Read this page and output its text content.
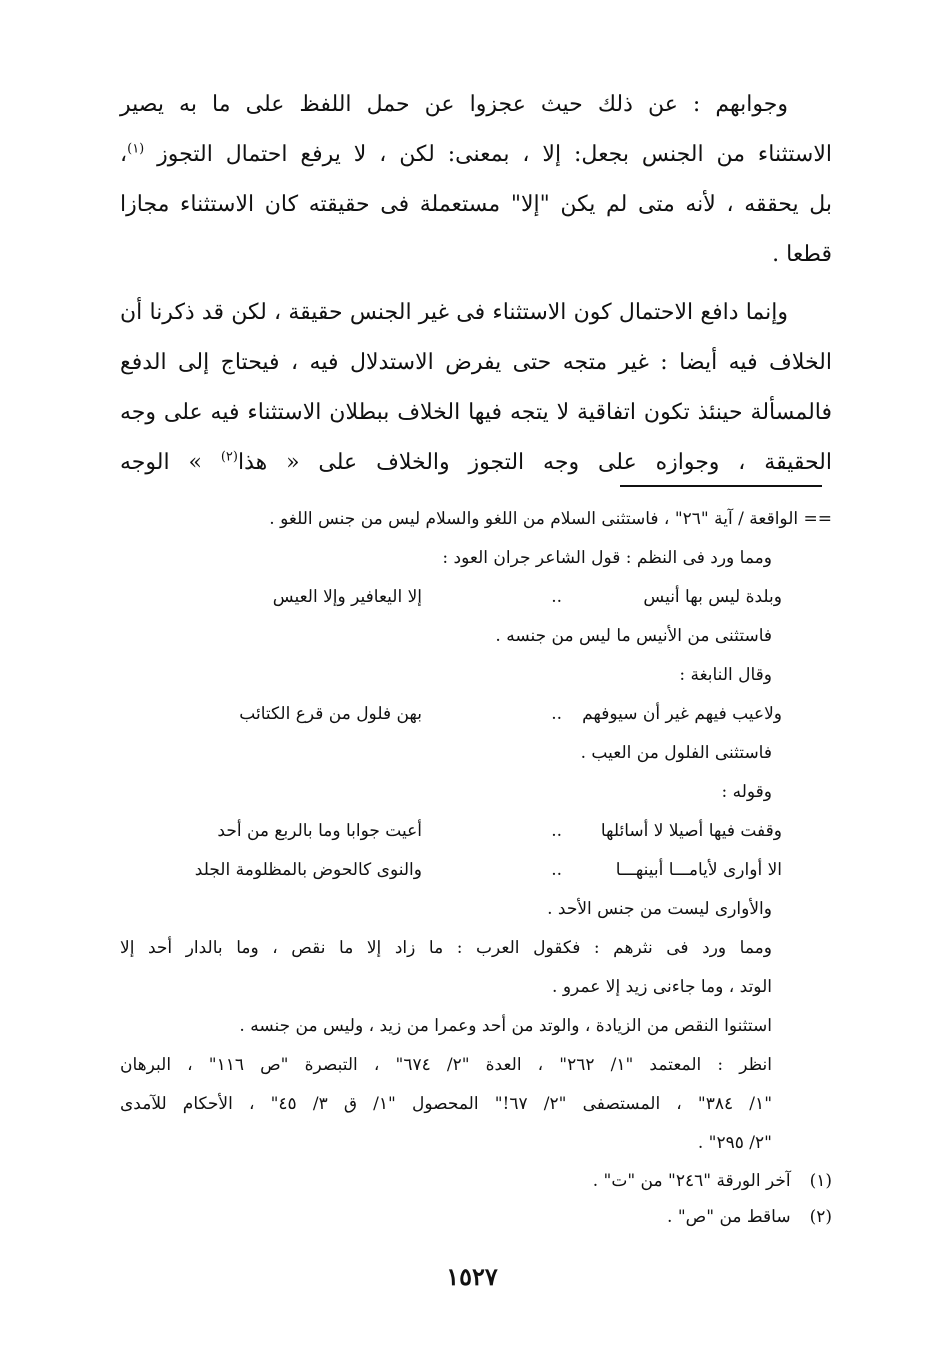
وجوابهم : عن ذلك حيث عجزوا عن حمل اللفظ على ما به يصير
الاستثناء من الجنس بجعل: إلا ، بمعنى: لكن ، لا يرفع احتمال التجوز $^{(١)}$،
بل يحققه ، لأنه متى لم يكن "إلا" مستعملة فى حقيقته كان الاستثناء مجازا
قطعا .

وإنما دافع الاحتمال كون الاستثناء فى غير الجنس حقيقة ، لكن قد ذكرنا أن
الخلاف فيه أيضا : غير متجه حتى يفرض الاستدلال فيه ، فيحتاج إلى الدفع
فالمسألة حينئذ تكون اتفاقية لا يتجه فيها الخلاف ببطلان الاستثناء فيه على وجه
الحقيقة ، وجوازه على وجه التجوز والخلاف على « هذا$^{(٢)}$ » الوجه

== الواقعة / آية "٢٦" ، فاستثنى السلام من اللغو والسلام ليس من جنس اللغو .
ومما ورد فى النظم : قول الشاعر جران العود :
وبلدة ليس بها أنيس
..
إلا اليعافير وإلا العيس
فاستثنى من الأنيس ما ليس من جنسه .
وقال النابغة :
ولاعيب فيهم غير أن سيوفهم
..
بهن فلول من قرع الكتائب
فاستثنى الفلول من العيب .
وقوله :
وقفت فيها أصيلا لا أسائلها
..
أعيت جوابا وما بالربع من أحد
الا أوارى لأيامـــا أبينهـــا
..
والنوى كالحوض بالمظلومة الجلد
والأوارى ليست من جنس الأحد .
ومما ورد فى نثرهم : فكقول العرب : ما زاد إلا ما نقص ، وما بالدار أحد إلا
الوتد ، وما جاءنى زيد إلا عمرو .
استثنوا النقص من الزيادة ، والوتد من أحد وعمرا من زيد ، وليس من جنسه .
انظر : المعتمد "١/ ٢٦٢" ، العدة "٢/ ٦٧٤" ، التبصرة "ص ١١٦" ، البرهان
"١/ ٣٨٤" ، المستصفى "٢/ ٦٧!" المحصول "١/ ق ٣/ ٤٥" ، الأحكام للآمدى
"٢/ ٢٩٥" .
(١) آخر الورقة "٢٤٦" من "ت" .
(٢) ساقط من "ص" .
١٥٢٧
